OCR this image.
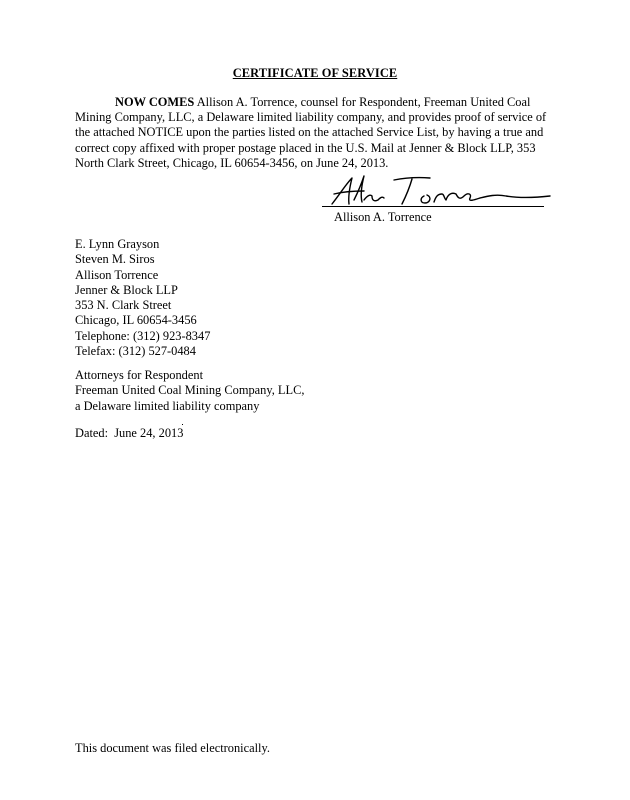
CERTIFICATE OF SERVICE
NOW COMES Allison A. Torrence, counsel for Respondent, Freeman United Coal Mining Company, LLC, a Delaware limited liability company, and provides proof of service of the attached NOTICE upon the parties listed on the attached Service List, by having a true and correct copy affixed with proper postage placed in the U.S. Mail at Jenner & Block LLP, 353 North Clark Street, Chicago, IL 60654-3456, on June 24, 2013.
Allison A. Torrence
E. Lynn Grayson
Steven M. Siros
Allison Torrence
Jenner & Block LLP
353 N. Clark Street
Chicago, IL 60654-3456
Telephone: (312) 923-8347
Telefax: (312) 527-0484
Attorneys for Respondent
Freeman United Coal Mining Company, LLC,
a Delaware limited liability company
Dated:  June 24, 2013
This document was filed electronically.
